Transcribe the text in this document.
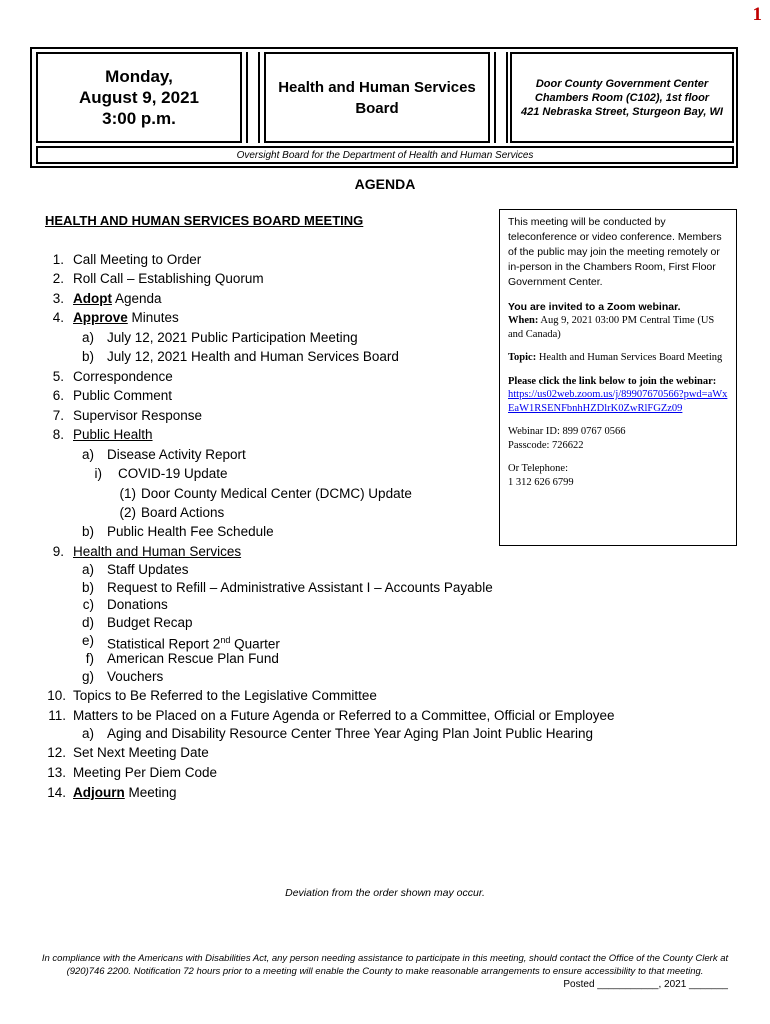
1
Monday,
August 9, 2021
3:00 p.m.
Health and Human Services
Board
Door County Government Center
Chambers Room (C102), 1st floor
421 Nebraska Street, Sturgeon Bay, WI
Oversight Board for the Department of Health and Human Services
AGENDA
HEALTH AND HUMAN SERVICES BOARD MEETING	This meeting will be conducted by teleconference or video conference. Members of the public may join the meeting remotely or in-person in the Chambers Room, First Floor Government Center.
You are invited to a Zoom webinar.
When: Aug 9, 2021 03:00 PM Central Time (US and Canada)
Topic: Health and Human Services Board Meeting
Please click the link below to join the webinar:
https://us02web.zoom.us/j/89907670566?pwd=aWxEaW1RSENFbnhHZDlrK0ZwRlFGZz09
Webinar ID: 899 0767 0566
Passcode: 726622
Or Telephone:
1 312 626 6799
1. Call Meeting to Order
2. Roll Call – Establishing Quorum
3. Adopt Agenda
4. Approve Minutes
a) July 12, 2021 Public Participation Meeting
b) July 12, 2021 Health and Human Services Board
5. Correspondence
6. Public Comment
7. Supervisor Response
8. Public Health
a) Disease Activity Report
i) COVID-19 Update
(1) Door County Medical Center (DCMC) Update
(2) Board Actions
b) Public Health Fee Schedule
9. Health and Human Services
a) Staff Updates
b) Request to Refill – Administrative Assistant I – Accounts Payable
c) Donations
d) Budget Recap
e) Statistical Report 2nd Quarter
f) American Rescue Plan Fund
g) Vouchers
10. Topics to Be Referred to the Legislative Committee
11. Matters to be Placed on a Future Agenda or Referred to a Committee, Official or Employee
a) Aging and Disability Resource Center Three Year Aging Plan Joint Public Hearing
12. Set Next Meeting Date
13. Meeting Per Diem Code
14. Adjourn Meeting
Deviation from the order shown may occur.
In compliance with the Americans with Disabilities Act, any person needing assistance to participate in this meeting, should contact the Office of the County Clerk at (920)746 2200. Notification 72 hours prior to a meeting will enable the County to make reasonable arrangements to ensure accessibility to that meeting.
Posted ___________, 2021 _______
